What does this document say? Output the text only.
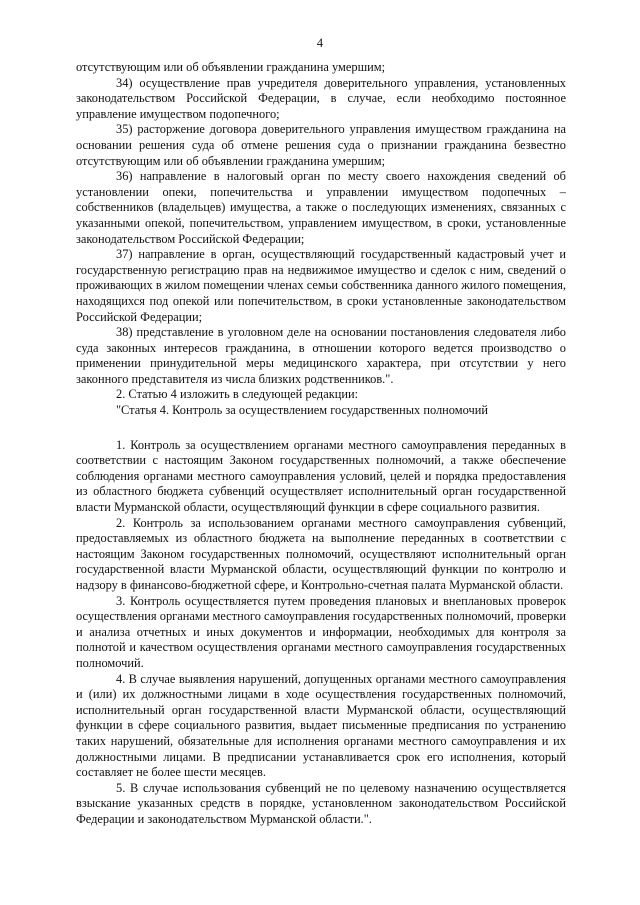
4

отсутствующим или об объявлении гражданина умершим;

34) осуществление прав учредителя доверительного управления, установленных законодательством Российской Федерации, в случае, если необходимо постоянное управление имуществом подопечного;

35) расторжение договора доверительного управления имуществом гражданина на основании решения суда об отмене решения суда о признании гражданина безвестно отсутствующим или об объявлении гражданина умершим;

36) направление в налоговый орган по месту своего нахождения сведений об установлении опеки, попечительства и управлении имуществом подопечных – собственников (владельцев) имущества, а также о последующих изменениях, связанных с указанными опекой, попечительством, управлением имуществом, в сроки, установленные законодательством Российской Федерации;

37) направление в орган, осуществляющий государственный кадастровый учет и государственную регистрацию прав на недвижимое имущество и сделок с ним, сведений о проживающих в жилом помещении членах семьи собственника данного жилого помещения, находящихся под опекой или попечительством, в сроки установленные законодательством Российской Федерации;

38) представление в уголовном деле на основании постановления следователя либо суда законных интересов гражданина, в отношении которого ведется производство о применении принудительной меры медицинского характера, при отсутствии у него законного представителя из числа близких родственников.".

2. Статью 4 изложить в следующей редакции:

"Статья 4. Контроль за осуществлением государственных полномочий

1. Контроль за осуществлением органами местного самоуправления переданных в соответствии с настоящим Законом государственных полномочий, а также обеспечение соблюдения органами местного самоуправления условий, целей и порядка предоставления из областного бюджета субвенций осуществляет исполнительный орган государственной власти Мурманской области, осуществляющий функции в сфере социального развития.

2. Контроль за использованием органами местного самоуправления субвенций, предоставляемых из областного бюджета на выполнение переданных в соответствии с настоящим Законом государственных полномочий, осуществляют исполнительный орган государственной власти Мурманской области, осуществляющий функции по контролю и надзору в финансово-бюджетной сфере, и Контрольно-счетная палата Мурманской области.

3. Контроль осуществляется путем проведения плановых и внеплановых проверок осуществления органами местного самоуправления государственных полномочий, проверки и анализа отчетных и иных документов и информации, необходимых для контроля за полнотой и качеством осуществления органами местного самоуправления государственных полномочий.

4. В случае выявления нарушений, допущенных органами местного самоуправления и (или) их должностными лицами в ходе осуществления государственных полномочий, исполнительный орган государственной власти Мурманской области, осуществляющий функции в сфере социального развития, выдает письменные предписания по устранению таких нарушений, обязательные для исполнения органами местного самоуправления и их должностными лицами. В предписании устанавливается срок его исполнения, который составляет не более шести месяцев.

5. В случае использования субвенций не по целевому назначению осуществляется взыскание указанных средств в порядке, установленном законодательством Российской Федерации и законодательством Мурманской области.".
